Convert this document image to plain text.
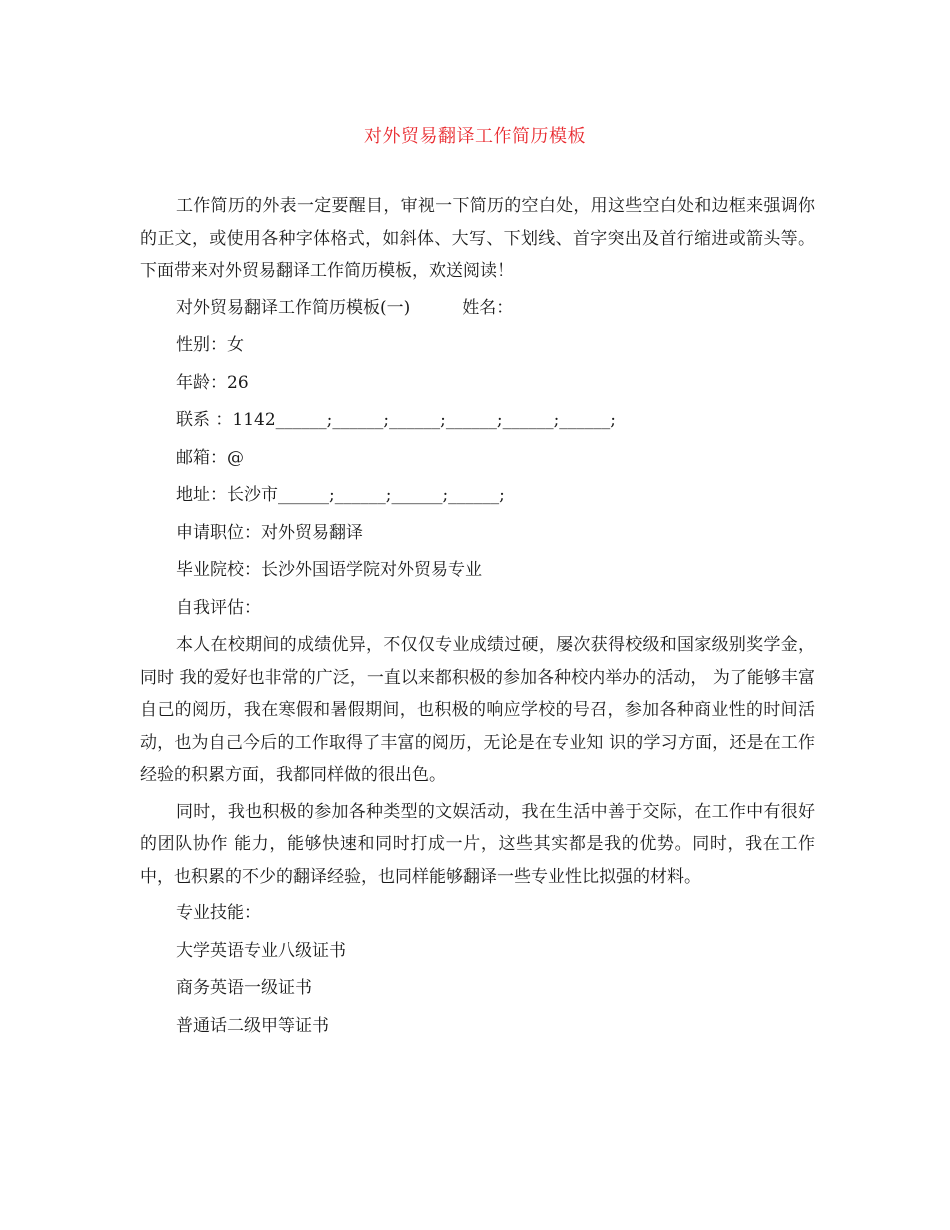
对外贸易翻译工作简历模板

工作简历的外表一定要醒目，审视一下简历的空白处，用这些空白处和边框来强调你的正文，或使用各种字体格式，如斜体、大写、下划线、首字突出及首行缩进或箭头等。下面带来对外贸易翻译工作简历模板，欢送阅读！

对外贸易翻译工作简历模板(一)	姓名：

性别：女

年龄：26

联系 ：1142______;______;______;______;______;______;

邮箱：@

地址：长沙市______;______;______;______;

申请职位：对外贸易翻译

毕业院校：长沙外国语学院对外贸易专业

自我评估：

本人在校期间的成绩优异，不仅仅专业成绩过硬，屡次获得校级和国家级别奖学金，同时 我的爱好也非常的广泛，一直以来都积极的参加各种校内举办的活动， 为了能够丰富自己的阅历，我在寒假和暑假期间，也积极的响应学校的号召，参加各种商业性的时间活动，也为自己今后的工作取得了丰富的阅历，无论是在专业知 识的学习方面，还是在工作经验的积累方面，我都同样做的很出色。

同时，我也积极的参加各种类型的文娱活动，我在生活中善于交际，在工作中有很好的团队协作 能力，能够快速和同时打成一片，这些其实都是我的优势。同时，我在工作中，也积累的不少的翻译经验，也同样能够翻译一些专业性比拟强的材料。

专业技能：

大学英语专业八级证书

商务英语一级证书

普通话二级甲等证书
